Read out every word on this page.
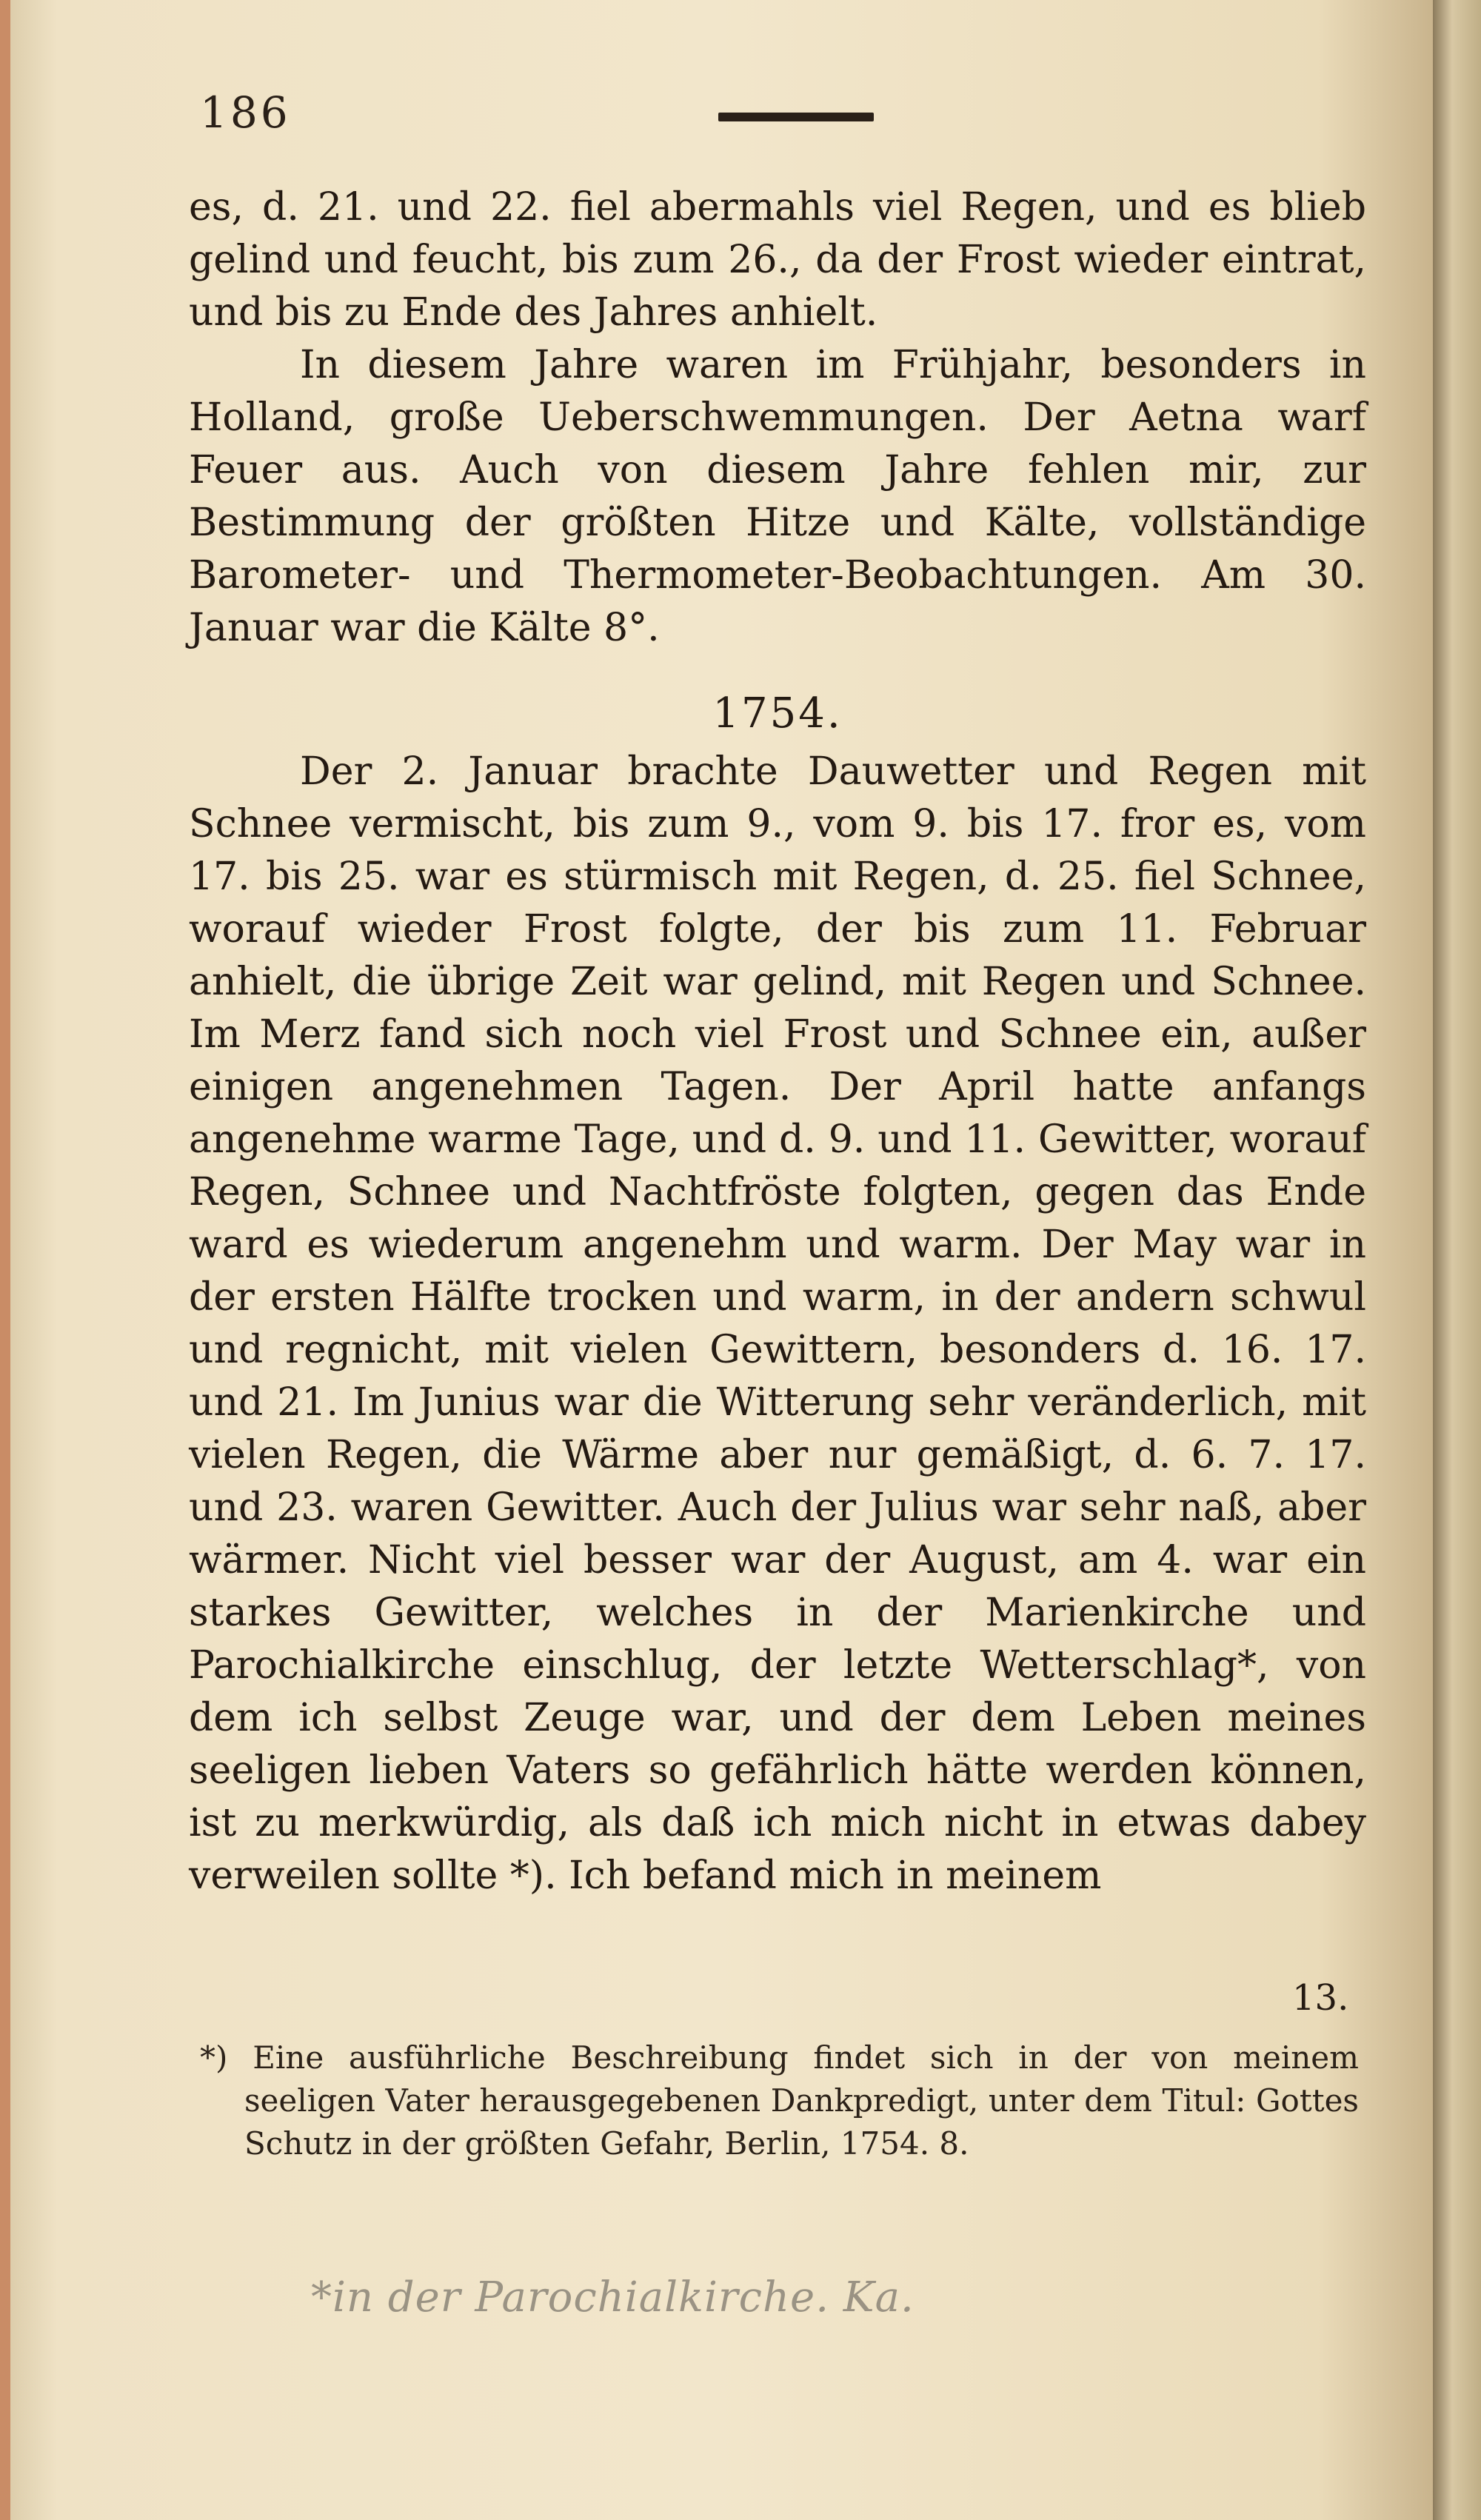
186

es, d. 21. und 22. fiel abermahls viel Regen, und es blieb gelind und feucht, bis zum 26., da der Frost wieder eintrat, und bis zu Ende des Jahres anhielt.

In diesem Jahre waren im Frühjahr, besonders in Holland, große Ueberschwemmungen. Der Aetna warf Feuer aus. Auch von diesem Jahre fehlen mir, zur Bestimmung der größten Hitze und Kälte, vollständige Barometer- und Thermometer-Beobachtungen. Am 30. Januar war die Kälte 8°.

1754.

Der 2. Januar brachte Dauwetter und Regen mit Schnee vermischt, bis zum 9., vom 9. bis 17. fror es, vom 17. bis 25. war es stürmisch mit Regen, d. 25. fiel Schnee, worauf wieder Frost folgte, der bis zum 11. Februar anhielt, die übrige Zeit war gelind, mit Regen und Schnee. Im Merz fand sich noch viel Frost und Schnee ein, außer einigen angenehmen Tagen. Der April hatte anfangs angenehme warme Tage, und d. 9. und 11. Gewitter, worauf Regen, Schnee und Nachtfröste folgten, gegen das Ende ward es wiederum angenehm und warm. Der May war in der ersten Hälfte trocken und warm, in der andern schwul und regnicht, mit vielen Gewittern, besonders d. 16. 17. und 21. Im Junius war die Witterung sehr veränderlich, mit vielen Regen, die Wärme aber nur gemäßigt, d. 6. 7. 17. und 23. waren Gewitter. Auch der Julius war sehr naß, aber wärmer. Nicht viel besser war der August, am 4. war ein starkes Gewitter, welches in der Marienkirche und Parochialkirche einschlug, der letzte Wetterschlag*, von dem ich selbst Zeuge war, und der dem Leben meines seeligen lieben Vaters so gefährlich hätte werden können, ist zu merkwürdig, als daß ich mich nicht in etwas dabey verweilen sollte *). Ich befand mich in meinem

13.
*) Eine ausführliche Beschreibung findet sich in der von meinem seeligen Vater herausgegebenen Dankpredigt, unter dem Titul: Gottes Schutz in der größten Gefahr, Berlin, 1754. 8.
*in der Parochialkirche. Ka.
